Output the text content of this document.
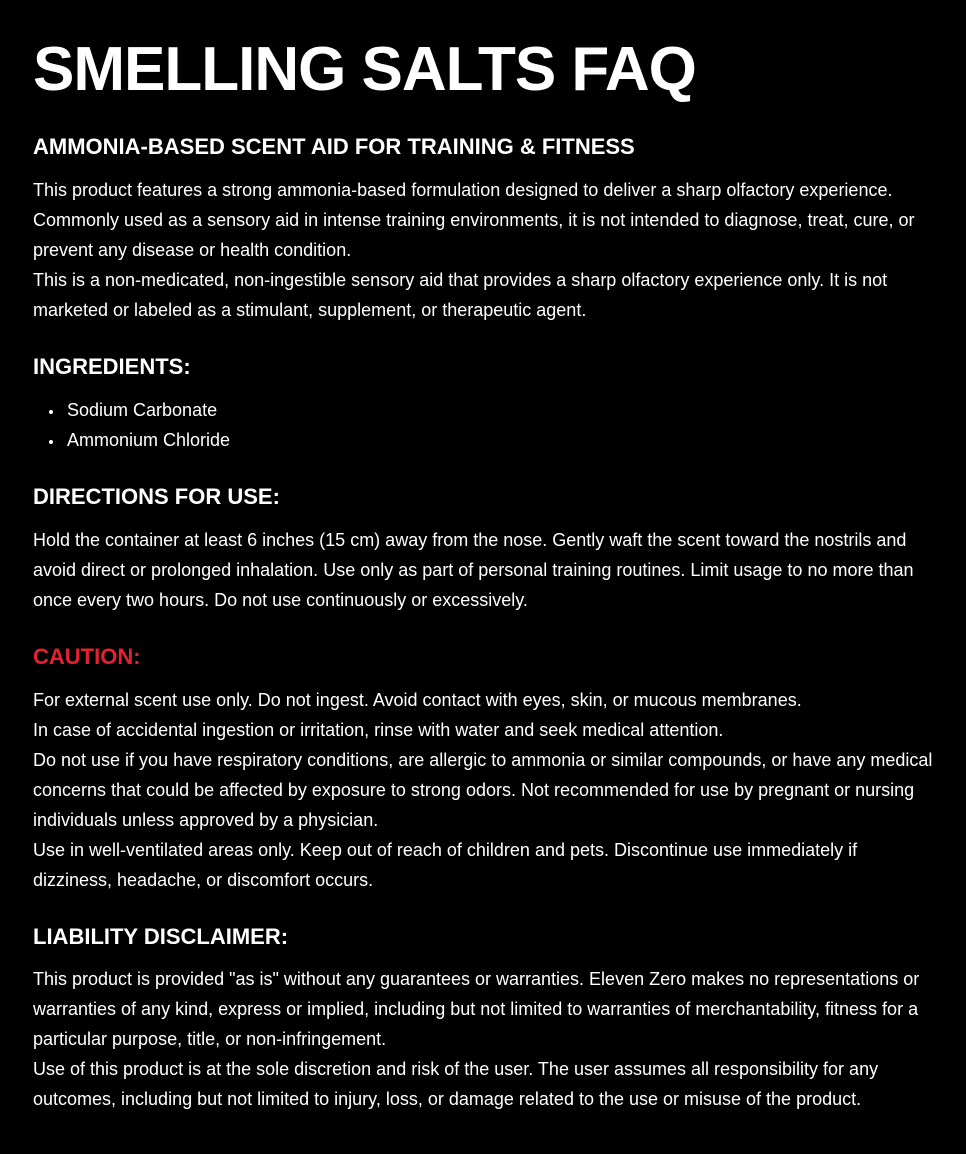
SMELLING SALTS FAQ
AMMONIA-BASED SCENT AID FOR TRAINING & FITNESS

This product features a strong ammonia-based formulation designed to deliver a sharp olfactory experience. Commonly used as a sensory aid in intense training environments, it is not intended to diagnose, treat, cure, or prevent any disease or health condition.

This is a non-medicated, non-ingestible sensory aid that provides a sharp olfactory experience only. It is not marketed or labeled as a stimulant, supplement, or therapeutic agent.

INGREDIENTS:
• Sodium Carbonate
• Ammonium Chloride
DIRECTIONS FOR USE:

Hold the container at least 6 inches (15 cm) away from the nose. Gently waft the scent toward the nostrils and avoid direct or prolonged inhalation. Use only as part of personal training routines. Limit usage to no more than once every two hours. Do not use continuously or excessively.

CAUTION:

For external scent use only. Do not ingest. Avoid contact with eyes, skin, or mucous membranes.

In case of accidental ingestion or irritation, rinse with water and seek medical attention.

Do not use if you have respiratory conditions, are allergic to ammonia or similar compounds, or have any medical concerns that could be affected by exposure to strong odors. Not recommended for use by pregnant or nursing individuals unless approved by a physician.

Use in well-ventilated areas only. Keep out of reach of children and pets. Discontinue use immediately if dizziness, headache, or discomfort occurs.

LIABILITY DISCLAIMER:

This product is provided "as is" without any guarantees or warranties. Eleven Zero makes no representations or warranties of any kind, express or implied, including but not limited to warranties of merchantability, fitness for a particular purpose, title, or non-infringement.

Use of this product is at the sole discretion and risk of the user. The user assumes all responsibility for any outcomes, including but not limited to injury, loss, or damage related to the use or misuse of the product.
